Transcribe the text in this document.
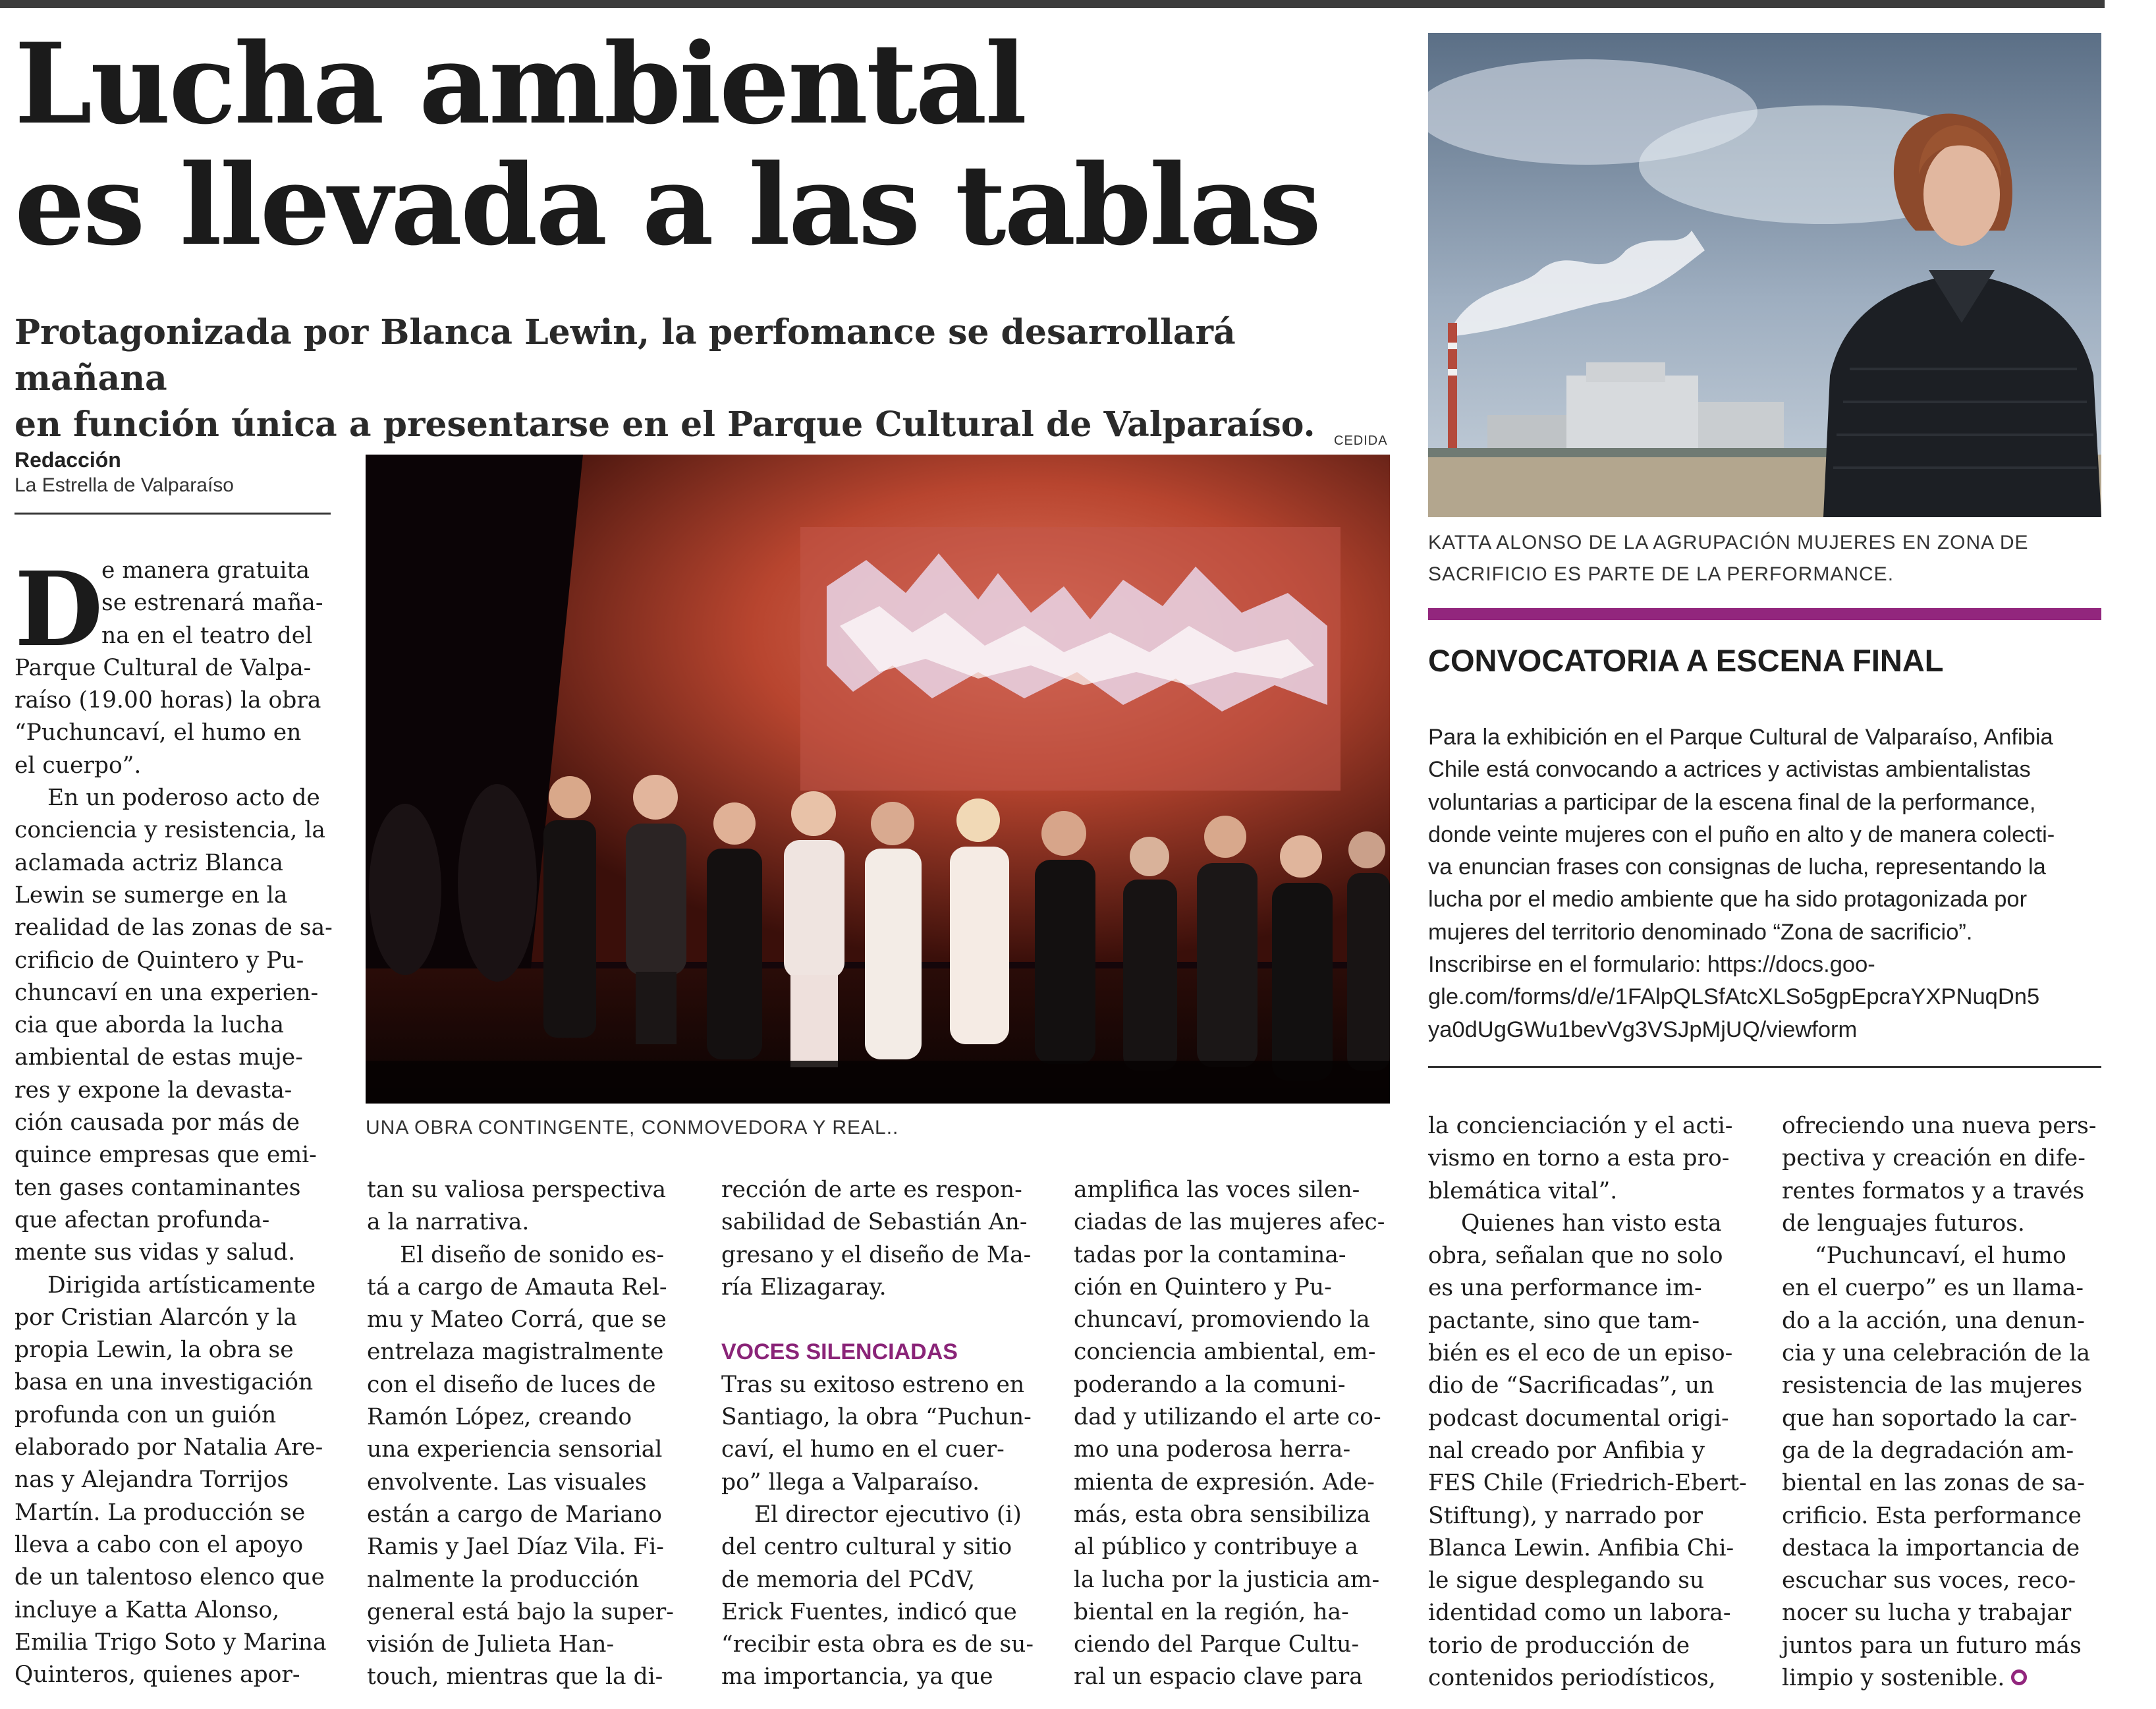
Lucha ambiental
es llevada a las tablas

Protagonizada por Blanca Lewin, la perfomance se desarrollará mañana
en función única a presentarse en el Parque Cultural de Valparaíso.

Redacción
La Estrella de Valparaíso
CEDIDA
UNA OBRA CONTINGENTE, CONMOVEDORA Y REAL..
KATTA ALONSO DE LA AGRUPACIÓN MUJERES EN ZONA DE
SACRIFICIO ES PARTE DE LA PERFORMANCE.
CONVOCATORIA A ESCENA FINAL
Para la exhibición en el Parque Cultural de Valparaíso, Anfibia
Chile está convocando a actrices y activistas ambientalistas
voluntarias a participar de la escena final de la performance,
donde veinte mujeres con el puño en alto y de manera colecti-
va enuncian frases con consignas de lucha, representando la
lucha por el medio ambiente que ha sido protagonizada por
mujeres del territorio denominado “Zona de sacrificio”.
Inscribirse en el formulario: https://docs.goo-
gle.com/forms/d/e/1FAlpQLSfAtcXLSo5gpEpcraYXPNuqDn5
ya0dUgGWu1bevVg3VSJpMjUQ/viewform
D
e manera gratuita
se estrenará maña-
na en el teatro del
Parque Cultural de Valpa-
raíso (19.00 horas) la obra
“Puchuncaví, el humo en
el cuerpo”.
En un poderoso acto de
conciencia y resistencia, la
aclamada actriz Blanca
Lewin se sumerge en la
realidad de las zonas de sa-
crificio de Quintero y Pu-
chuncaví en una experien-
cia que aborda la lucha
ambiental de estas muje-
res y expone la devasta-
ción causada por más de
quince empresas que emi-
ten gases contaminantes
que afectan profunda-
mente sus vidas y salud.
Dirigida artísticamente
por Cristian Alarcón y la
propia Lewin, la obra se
basa en una investigación
profunda con un guión
elaborado por Natalia Are-
nas y Alejandra Torrijos
Martín. La producción se
lleva a cabo con el apoyo
de un talentoso elenco que
incluye a Katta Alonso,
Emilia Trigo Soto y Marina
Quinteros, quienes apor-
tan su valiosa perspectiva
a la narrativa.
El diseño de sonido es-
tá a cargo de Amauta Rel-
mu y Mateo Corrá, que se
entrelaza magistralmente
con el diseño de luces de
Ramón López, creando
una experiencia sensorial
envolvente. Las visuales
están a cargo de Mariano
Ramis y Jael Díaz Vila. Fi-
nalmente la producción
general está bajo la super-
visión de Julieta Han-
touch, mientras que la di-
rección de arte es respon-
sabilidad de Sebastián An-
gresano y el diseño de Ma-
ría Elizagaray.

VOCES SILENCIADAS
Tras su exitoso estreno en
Santiago, la obra “Puchun-
caví, el humo en el cuer-
po” llega a Valparaíso.
El director ejecutivo (i)
del centro cultural y sitio
de memoria del PCdV,
Erick Fuentes, indicó que
“recibir esta obra es de su-
ma importancia, ya que
amplifica las voces silen-
ciadas de las mujeres afec-
tadas por la contamina-
ción en Quintero y Pu-
chuncaví, promoviendo la
conciencia ambiental, em-
poderando a la comuni-
dad y utilizando el arte co-
mo una poderosa herra-
mienta de expresión. Ade-
más, esta obra sensibiliza
al público y contribuye a
la lucha por la justicia am-
biental en la región, ha-
ciendo del Parque Cultu-
ral un espacio clave para
la concienciación y el acti-
vismo en torno a esta pro-
blemática vital”.
Quienes han visto esta
obra, señalan que no solo
es una performance im-
pactante, sino que tam-
bién es el eco de un episo-
dio de “Sacrificadas”, un
podcast documental origi-
nal creado por Anfibia y
FES Chile (Friedrich-Ebert-
Stiftung), y narrado por
Blanca Lewin. Anfibia Chi-
le sigue desplegando su
identidad como un labora-
torio de producción de
contenidos periodísticos,
ofreciendo una nueva pers-
pectiva y creación en dife-
rentes formatos y a través
de lenguajes futuros.
“Puchuncaví, el humo
en el cuerpo” es un llama-
do a la acción, una denun-
cia y una celebración de la
resistencia de las mujeres
que han soportado la car-
ga de la degradación am-
biental en las zonas de sa-
crificio. Esta performance
destaca la importancia de
escuchar sus voces, reco-
nocer su lucha y trabajar
juntos para un futuro más
limpio y sostenible.
